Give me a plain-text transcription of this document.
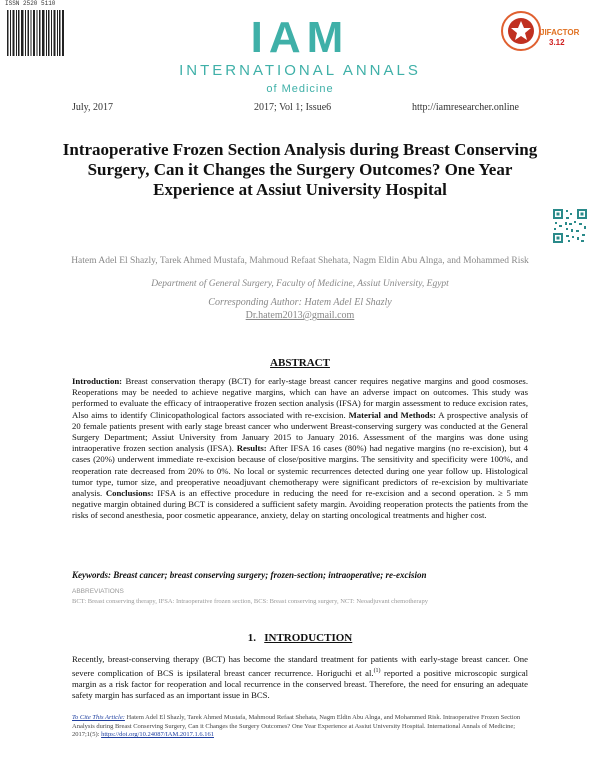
ISSN 2520 5110
IAM
INTERNATIONAL ANNALS
of Medicine
JIFACTOR
3.12
July, 2017	2017; Vol 1; Issue6	http://iamresearcher.online
Intraoperative Frozen Section Analysis during Breast Conserving Surgery, Can it Changes the Surgery Outcomes? One Year Experience at Assiut University Hospital
Hatem Adel El Shazly, Tarek Ahmed Mustafa, Mahmoud Refaat Shehata, Nagm Eldin Abu Alnga, and Mohammed Risk
Department of General Surgery, Faculty of Medicine, Assiut University, Egypt
Corresponding Author: Hatem Adel El Shazly
Dr.hatem2013@gmail.com
ABSTRACT
Introduction: Breast conservation therapy (BCT) for early-stage breast cancer requires negative margins and good cosmoses. Reoperations may be needed to achieve negative margins, which can have an adverse impact on outcomes. This study was performed to evaluate the efficacy of intraoperative frozen section analysis (IFSA) for margin assessment to reduce excision rates, Also aims to identify Clinicopathological factors associated with re-excision. Material and Methods: A prospective analysis of 20 female patients present with early stage breast cancer who underwent Breast-conserving surgery was conducted at the General Surgery Department; Assiut University from January 2015 to January 2016. Assessment of the margins was done using intraoperative frozen section analysis (IFSA). Results: After IFSA 16 cases (80%) had negative margins (no re-excision), but 4 cases (20%) underwent immediate re-excision because of close/positive margins. The sensitivity and specificity were 100%, and reoperation rate decreased from 20% to 0%. No local or systemic recurrences detected during one year follow up. Histological tumor type, tumor size, and preoperative neoadjuvant chemotherapy were significant predictors of re-excision by multivariate analysis. Conclusions: IFSA is an effective procedure in reducing the need for re-excision and a second operation. ≥ 5 mm negative margin obtained during BCT is considered a sufficient safety margin. Avoiding reoperation protects the patients from the risks of second anesthesia, poor cosmetic appearance, anxiety, delay on starting oncological treatments and higher cost.
Keywords: Breast cancer; breast conserving surgery; frozen-section; intraoperative; re-excision
ABBREVIATIONS
BCT: Breast conserving therapy, IFSA: Intraoperative frozen section, BCS: Breast conserving surgery, NCT: Neoadjuvant chemotherapy
1. INTRODUCTION
Recently, breast-conserving therapy (BCT) has become the standard treatment for patients with early-stage breast cancer. One severe complication of BCS is ipsilateral breast cancer recurrence. Horiguchi et al.$^{(1)}$ reported a positive microscopic surgical margin as a risk factor for reoperation and local recurrence in the conserved breast. Therefore, the need for ensuring an adequate safety margin has surfaced as an important issue in BCS.
To Cite This Article: Hatem Adel El Shazly, Tarek Ahmed Mustafa, Mahmoud Refaat Shehata, Nagm Eldin Abu Alnga, and Mohammed Risk. Intraoperative Frozen Section Analysis during Breast Conserving Surgery, Can it Changes the Surgery Outcomes? One Year Experience at Assiut University Hospital. International Annals of Medicine; 2017;1(5): https://doi.org/10.24087/IAM.2017.1.6.161
